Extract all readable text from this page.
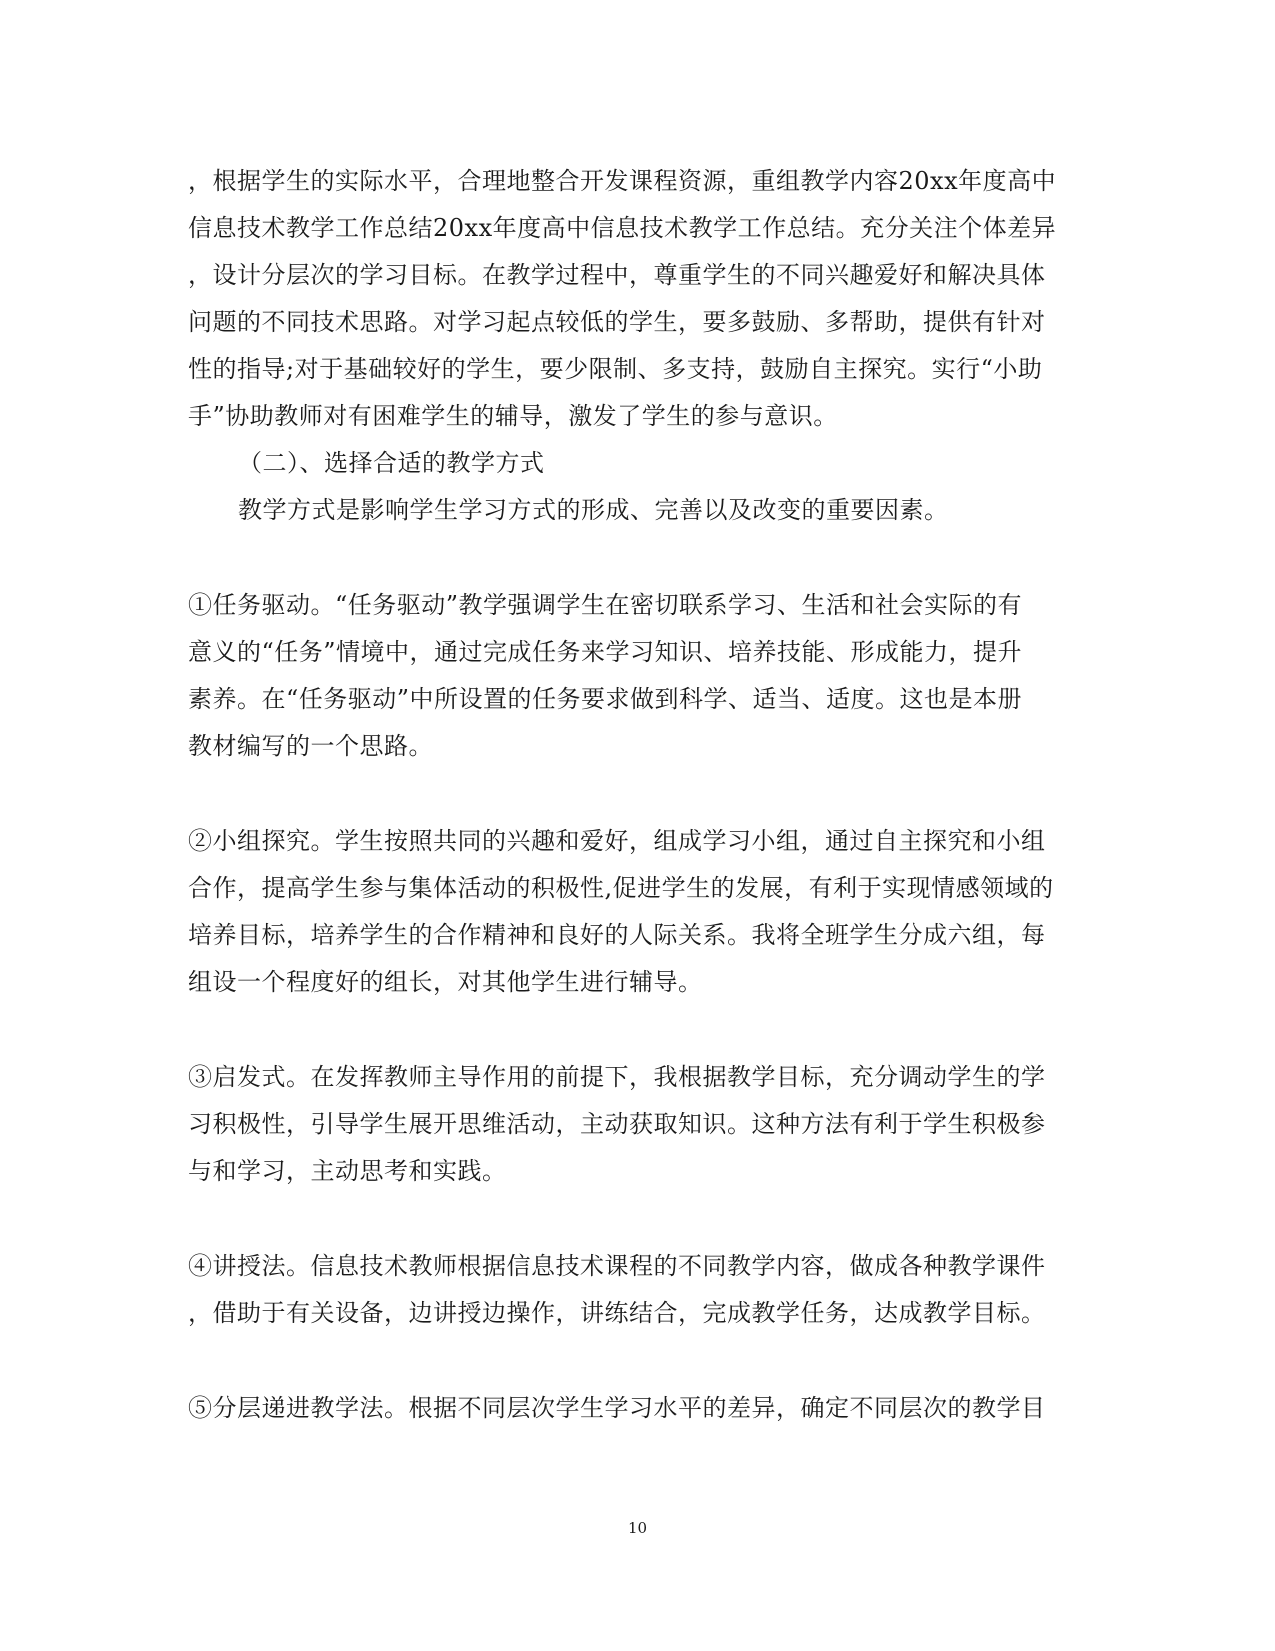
，根据学生的实际水平，合理地整合开发课程资源，重组教学内容20xx年度高中
信息技术教学工作总结20xx年度高中信息技术教学工作总结。充分关注个体差异
，设计分层次的学习目标。在教学过程中，尊重学生的不同兴趣爱好和解决具体
问题的不同技术思路。对学习起点较低的学生，要多鼓励、多帮助，提供有针对
性的指导;对于基础较好的学生，要少限制、多支持，鼓励自主探究。实行“小助
手”协助教师对有困难学生的辅导，激发了学生的参与意识。
（二）、选择合适的教学方式
教学方式是影响学生学习方式的形成、完善以及改变的重要因素。
①任务驱动。“任务驱动”教学强调学生在密切联系学习、生活和社会实际的有
意义的“任务”情境中，通过完成任务来学习知识、培养技能、形成能力，提升
素养。在“任务驱动”中所设置的任务要求做到科学、适当、适度。这也是本册
教材编写的一个思路。
②小组探究。学生按照共同的兴趣和爱好，组成学习小组，通过自主探究和小组
合作，提高学生参与集体活动的积极性,促进学生的发展，有利于实现情感领域的
培养目标，培养学生的合作精神和良好的人际关系。我将全班学生分成六组，每
组设一个程度好的组长，对其他学生进行辅导。
③启发式。在发挥教师主导作用的前提下，我根据教学目标，充分调动学生的学
习积极性，引导学生展开思维活动，主动获取知识。这种方法有利于学生积极参
与和学习，主动思考和实践。
④讲授法。信息技术教师根据信息技术课程的不同教学内容，做成各种教学课件
，借助于有关设备，边讲授边操作，讲练结合，完成教学任务，达成教学目标。
⑤分层递进教学法。根据不同层次学生学习水平的差异，确定不同层次的教学目
10
